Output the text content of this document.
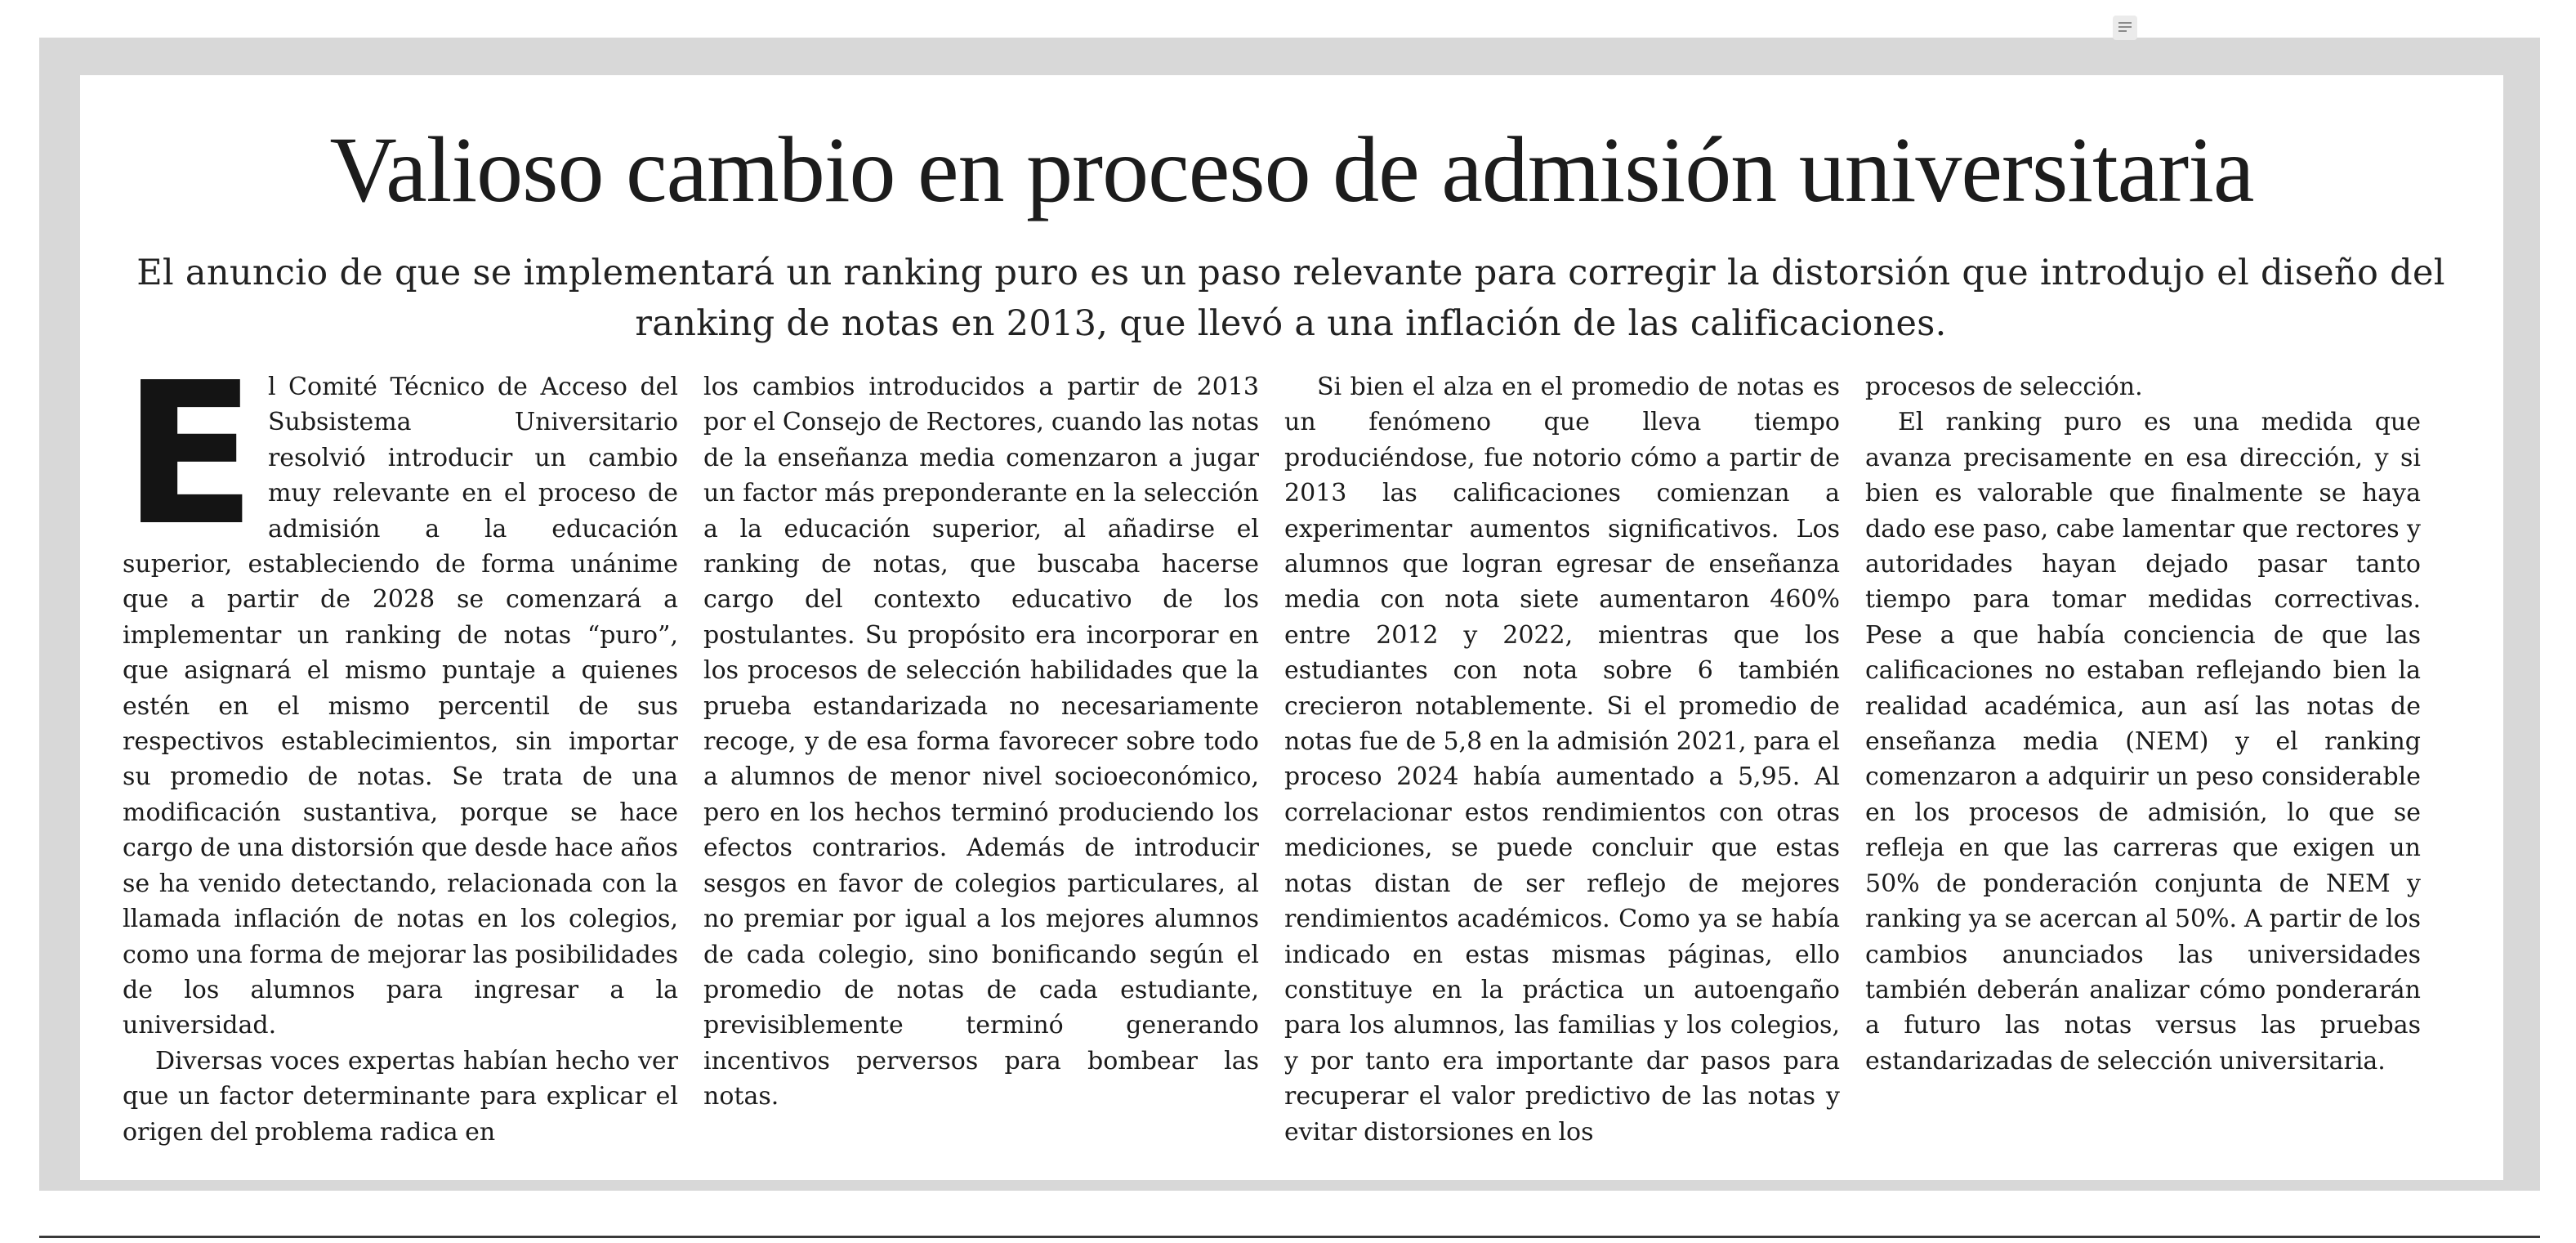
Valioso cambio en proceso de admisión universitaria

El anuncio de que se implementará un ranking puro es un paso relevante para corregir la distorsión que introdujo el diseño del ranking de notas en 2013, que llevó a una inflación de las calificaciones.

El Comité Técnico de Acceso del Subsistema Universitario resolvió introducir un cambio muy relevante en el proceso de admisión a la educación superior, estableciendo de forma unánime que a partir de 2028 se comenzará a implementar un ranking de notas “puro”, que asignará el mismo puntaje a quienes estén en el mismo percentil de sus respectivos establecimientos, sin importar su promedio de notas. Se trata de una modificación sustantiva, porque se hace cargo de una distorsión que desde hace años se ha venido detectando, relacionada con la llamada inflación de notas en los colegios, como una forma de mejorar las posibilidades de los alumnos para ingresar a la universidad.

Diversas voces expertas habían hecho ver que un factor determinante para explicar el origen del problema radica en

los cambios introducidos a partir de 2013 por el Consejo de Rectores, cuando las notas de la enseñanza media comenzaron a jugar un factor más preponderante en la selección a la educación superior, al añadirse el ranking de notas, que buscaba hacerse cargo del contexto educativo de los postulantes. Su propósito era incorporar en los procesos de selección habilidades que la prueba estandarizada no necesariamente recoge, y de esa forma favorecer sobre todo a alumnos de menor nivel socioeconómico, pero en los hechos terminó produciendo los efectos contrarios. Además de introducir sesgos en favor de colegios particulares, al no premiar por igual a los mejores alumnos de cada colegio, sino bonificando según el promedio de notas de cada estudiante, previsiblemente terminó generando incentivos perversos para bombear las notas.

Si bien el alza en el promedio de notas es un fenómeno que lleva tiempo produciéndose, fue notorio cómo a partir de 2013 las calificaciones comienzan a experimentar aumentos significativos. Los alumnos que logran egresar de enseñanza media con nota siete aumentaron 460% entre 2012 y 2022, mientras que los estudiantes con nota sobre 6 también crecieron notablemente. Si el promedio de notas fue de 5,8 en la admisión 2021, para el proceso 2024 había aumentado a 5,95. Al correlacionar estos rendimientos con otras mediciones, se puede concluir que estas notas distan de ser reflejo de mejores rendimientos académicos. Como ya se había indicado en estas mismas páginas, ello constituye en la práctica un autoengaño para los alumnos, las familias y los colegios, y por tanto era importante dar pasos para recuperar el valor predictivo de las notas y evitar distorsiones en los

procesos de selección.

El ranking puro es una medida que avanza precisamente en esa dirección, y si bien es valorable que finalmente se haya dado ese paso, cabe lamentar que rectores y autoridades hayan dejado pasar tanto tiempo para tomar medidas correctivas. Pese a que había conciencia de que las calificaciones no estaban reflejando bien la realidad académica, aun así las notas de enseñanza media (NEM) y el ranking comenzaron a adquirir un peso considerable en los procesos de admisión, lo que se refleja en que las carreras que exigen un 50% de ponderación conjunta de NEM y ranking ya se acercan al 50%. A partir de los cambios anunciados las universidades también deberán analizar cómo ponderarán a futuro las notas versus las pruebas estandarizadas de selección universitaria.
